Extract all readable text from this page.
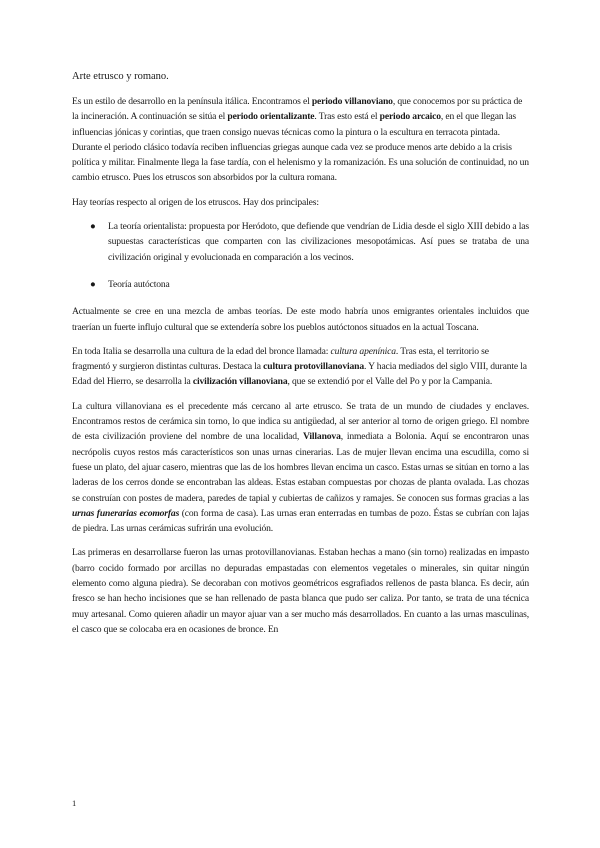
Arte etrusco y romano.

Es un estilo de desarrollo en la península itálica. Encontramos el periodo villanoviano, que conocemos por su práctica de la incineración. A continuación se sitúa el periodo orientalizante. Tras esto está el periodo arcaico, en el que llegan las influencias jónicas y corintias, que traen consigo nuevas técnicas como la pintura o la escultura en terracota pintada. Durante el periodo clásico todavía reciben influencias griegas aunque cada vez se produce menos arte debido a la crisis política y militar. Finalmente llega la fase tardía, con el helenismo y la romanización. Es una solución de continuidad, no un cambio etrusco. Pues los etruscos son absorbidos por la cultura romana.

Hay teorías respecto al origen de los etruscos. Hay dos principales:

● La teoría orientalista: propuesta por Heródoto, que defiende que vendrían de Lidia desde el siglo XIII debido a las supuestas características que comparten con las civilizaciones mesopotámicas. Así pues se trataba de una civilización original y evolucionada en comparación a los vecinos.
● Teoría autóctona

Actualmente se cree en una mezcla de ambas teorías. De este modo habría unos emigrantes orientales incluidos que traerían un fuerte influjo cultural que se extendería sobre los pueblos autóctonos situados en la actual Toscana.

En toda Italia se desarrolla una cultura de la edad del bronce llamada: cultura apenínica. Tras esta, el territorio se fragmentó y surgieron distintas culturas. Destaca la cultura protovillanoviana. Y hacia mediados del siglo VIII, durante la Edad del Hierro, se desarrolla la civilización villanoviana, que se extendió por el Valle del Po y por la Campania.

La cultura villanoviana es el precedente más cercano al arte etrusco. Se trata de un mundo de ciudades y enclaves. Encontramos restos de cerámica sin torno, lo que indica su antigüedad, al ser anterior al torno de origen griego. El nombre de esta civilización proviene del nombre de una localidad, Villanova, inmediata a Bolonia. Aquí se encontraron unas necrópolis cuyos restos más característicos son unas urnas cinerarias. Las de mujer llevan encima una escudilla, como si fuese un plato, del ajuar casero, mientras que las de los hombres llevan encima un casco. Estas urnas se sitúan en torno a las laderas de los cerros donde se encontraban las aldeas. Estas estaban compuestas por chozas de planta ovalada. Las chozas se construían con postes de madera, paredes de tapial y cubiertas de cañizos y ramajes. Se conocen sus formas gracias a las urnas funerarias ecomorfas (con forma de casa). Las urnas eran enterradas en tumbas de pozo. Éstas se cubrían con lajas de piedra. Las urnas cerámicas sufrirán una evolución.

Las primeras en desarrollarse fueron las urnas protovillanovianas. Estaban hechas a mano (sin torno) realizadas en impasto (barro cocido formado por arcillas no depuradas empastadas con elementos vegetales o minerales, sin quitar ningún elemento como alguna piedra). Se decoraban con motivos geométricos esgrafiados rellenos de pasta blanca. Es decir, aún fresco se han hecho incisiones que se han rellenado de pasta blanca que pudo ser caliza. Por tanto, se trata de una técnica muy artesanal. Como quieren añadir un mayor ajuar van a ser mucho más desarrollados. En cuanto a las urnas masculinas, el casco que se colocaba era en ocasiones de bronce. En

1
